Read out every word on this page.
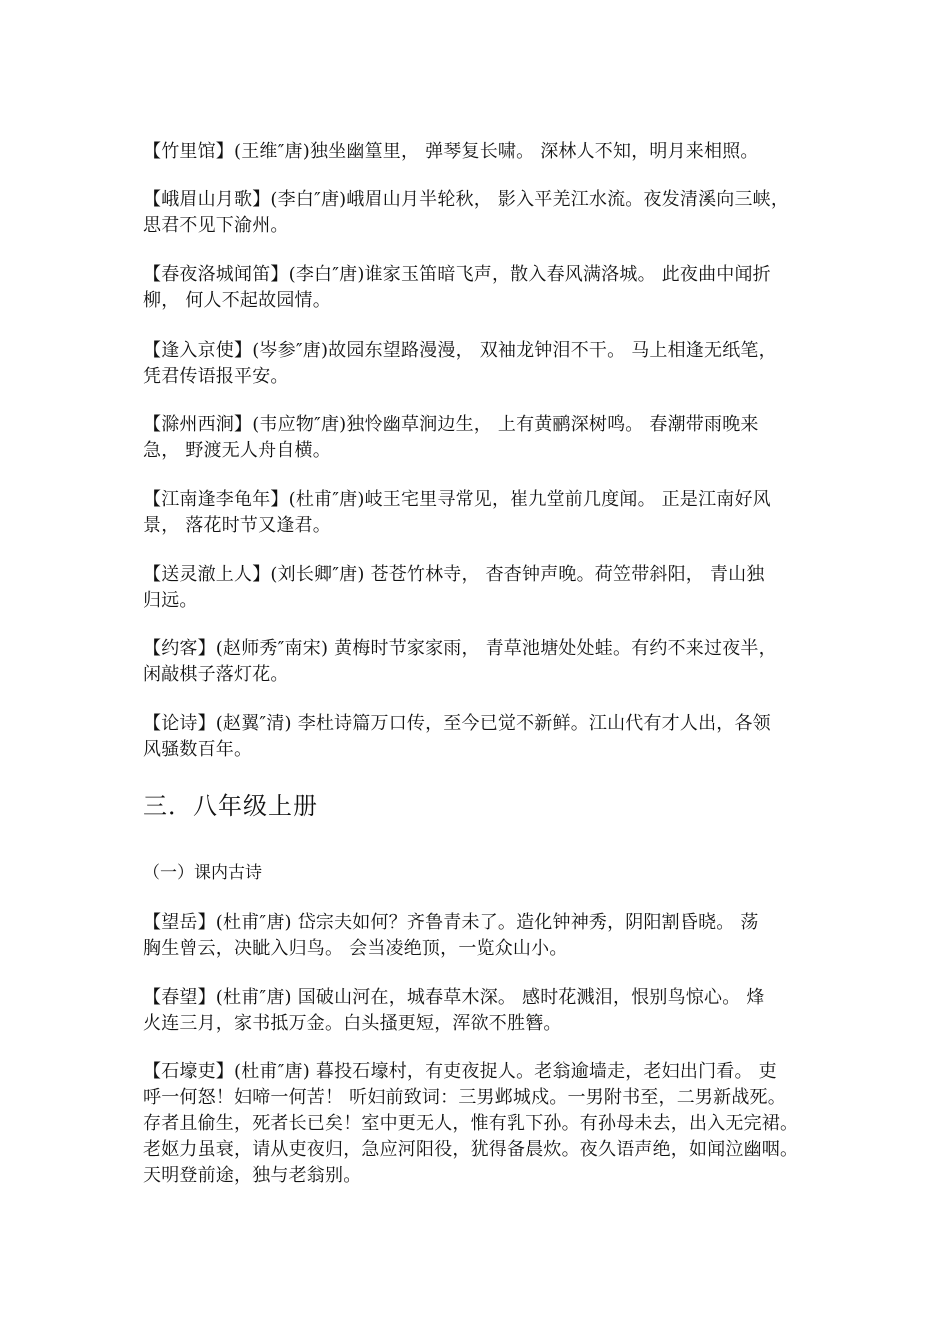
【竹里馆】(王维″唐)独坐幽篁里， 弹琴复长啸。 深林人不知，明月来相照。

【峨眉山月歌】(李白″唐)峨眉山月半轮秋， 影入平羌江水流。夜发清溪向三峡，
思君不见下渝州。

【春夜洛城闻笛】(李白″唐)谁家玉笛暗飞声，散入春风满洛城。 此夜曲中闻折
柳， 何人不起故园情。

【逢入京使】(岑参″唐)故园东望路漫漫， 双袖龙钟泪不干。 马上相逢无纸笔，
凭君传语报平安。

【滁州西涧】(韦应物″唐)独怜幽草涧边生， 上有黄鹂深树鸣。 春潮带雨晚来
急， 野渡无人舟自横。

【江南逢李龟年】(杜甫″唐)岐王宅里寻常见，崔九堂前几度闻。 正是江南好风
景， 落花时节又逢君。

【送灵澈上人】(刘长卿″唐) 苍苍竹林寺， 杳杳钟声晚。荷笠带斜阳， 青山独
归远。

【约客】(赵师秀″南宋) 黄梅时节家家雨， 青草池塘处处蛙。有约不来过夜半，
闲敲棋子落灯花。

【论诗】(赵翼″清) 李杜诗篇万口传，至今已觉不新鲜。江山代有才人出，各领
风骚数百年。

三．八年级上册
（一）课内古诗

【望岳】(杜甫″唐) 岱宗夫如何？齐鲁青未了。造化钟神秀，阴阳割昏晓。 荡
胸生曾云，决眦入归鸟。 会当凌绝顶，一览众山小。

【春望】(杜甫″唐) 国破山河在，城春草木深。 感时花溅泪，恨别鸟惊心。 烽
火连三月，家书抵万金。白头搔更短，浑欲不胜簪。

【石壕吏】(杜甫″唐) 暮投石壕村，有吏夜捉人。老翁逾墙走，老妇出门看。 吏
呼一何怒！妇啼一何苦！ 听妇前致词：三男邺城戍。一男附书至，二男新战死。
存者且偷生，死者长已矣！室中更无人，惟有乳下孙。有孙母未去，出入无完裙。
老妪力虽衰，请从吏夜归，急应河阳役，犹得备晨炊。夜久语声绝，如闻泣幽咽。
天明登前途，独与老翁别。
